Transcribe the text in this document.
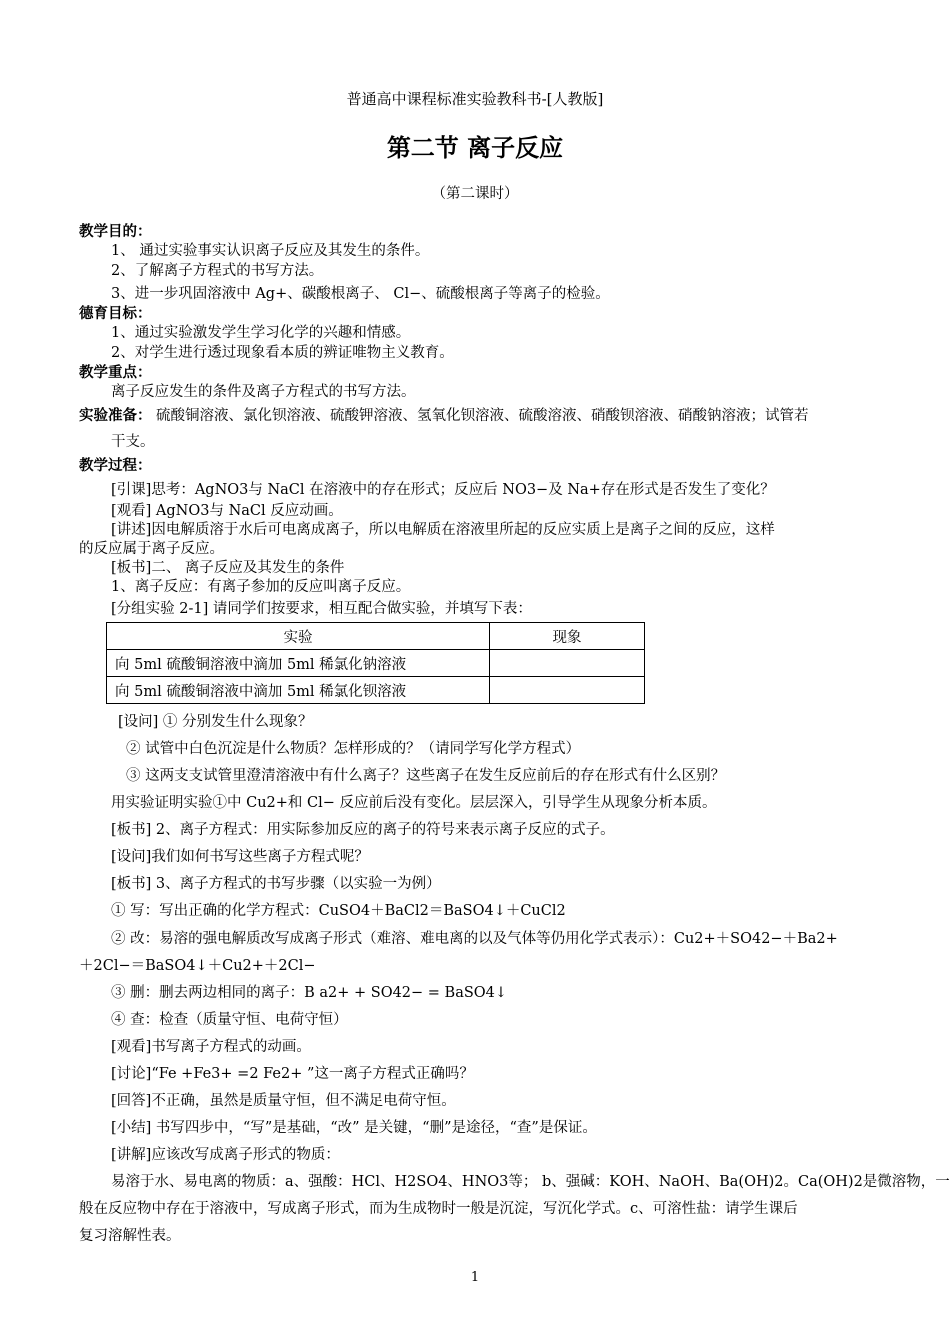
普通高中课程标准实验教科书-[人教版]
第二节 离子反应
（第二课时）
教学目的：
1、 通过实验事实认识离子反应及其发生的条件。
2、了解离子方程式的书写方法。
3、进一步巩固溶液中 Ag+、碳酸根离子、 Cl−、硫酸根离子等离子的检验。
德育目标：
1、通过实验激发学生学习化学的兴趣和情感。
2、对学生进行透过现象看本质的辨证唯物主义教育。
教学重点：
离子反应发生的条件及离子方程式的书写方法。
实验准备： 硫酸铜溶液、氯化钡溶液、硫酸钾溶液、氢氧化钡溶液、硫酸溶液、硝酸钡溶液、硝酸钠溶液；试管若
干支。
教学过程：
[引课]思考：AgNO3与 NaCl 在溶液中的存在形式；反应后 NO3−及 Na+存在形式是否发生了变化？
[观看] AgNO3与 NaCl 反应动画。
[讲述]因电解质溶于水后可电离成离子，所以电解质在溶液里所起的反应实质上是离子之间的反应，这样
的反应属于离子反应。
[板书]二、 离子反应及其发生的条件
1、离子反应：有离子参加的反应叫离子反应。
[分组实验 2-1] 请同学们按要求，相互配合做实验，并填写下表：
实验	现象
向 5ml 硫酸铜溶液中滴加 5ml 稀氯化钠溶液	
向 5ml 硫酸铜溶液中滴加 5ml 稀氯化钡溶液	
[设问] ① 分别发生什么现象？
② 试管中白色沉淀是什么物质？怎样形成的？（请同学写化学方程式）
③ 这两支支试管里澄清溶液中有什么离子？这些离子在发生反应前后的存在形式有什么区别？
用实验证明实验①中 Cu2+和 Cl− 反应前后没有变化。层层深入，引导学生从现象分析本质。
[板书] 2、离子方程式：用实际参加反应的离子的符号来表示离子反应的式子。
[设问]我们如何书写这些离子方程式呢？
[板书] 3、离子方程式的书写步骤（以实验一为例）
① 写：写出正确的化学方程式：CuSO4＋BaCl2＝BaSO4↓＋CuCl2
② 改：易溶的强电解质改写成离子形式（难溶、难电离的以及气体等仍用化学式表示）：Cu2+＋SO42−＋Ba2+
＋2Cl−＝BaSO4↓＋Cu2+＋2Cl−
③ 删：删去两边相同的离子：B a2+ + SO42− = BaSO4↓
④ 查：检查（质量守恒、电荷守恒）
[观看]书写离子方程式的动画。
[讨论]“Fe +Fe3+ =2 Fe2+ ”这一离子方程式正确吗？
[回答]不正确，虽然是质量守恒，但不满足电荷守恒。
[小结] 书写四步中，“写”是基础，“改” 是关键，“删”是途径，“查”是保证。
[讲解]应该改写成离子形式的物质：
易溶于水、易电离的物质：a、强酸：HCl、H2SO4、HNO3等； b、强碱：KOH、NaOH、Ba(OH)2。Ca(OH)2是微溶物，一
般在反应物中存在于溶液中，写成离子形式，而为生成物时一般是沉淀，写沉化学式。c、可溶性盐：请学生课后
复习溶解性表。
1
